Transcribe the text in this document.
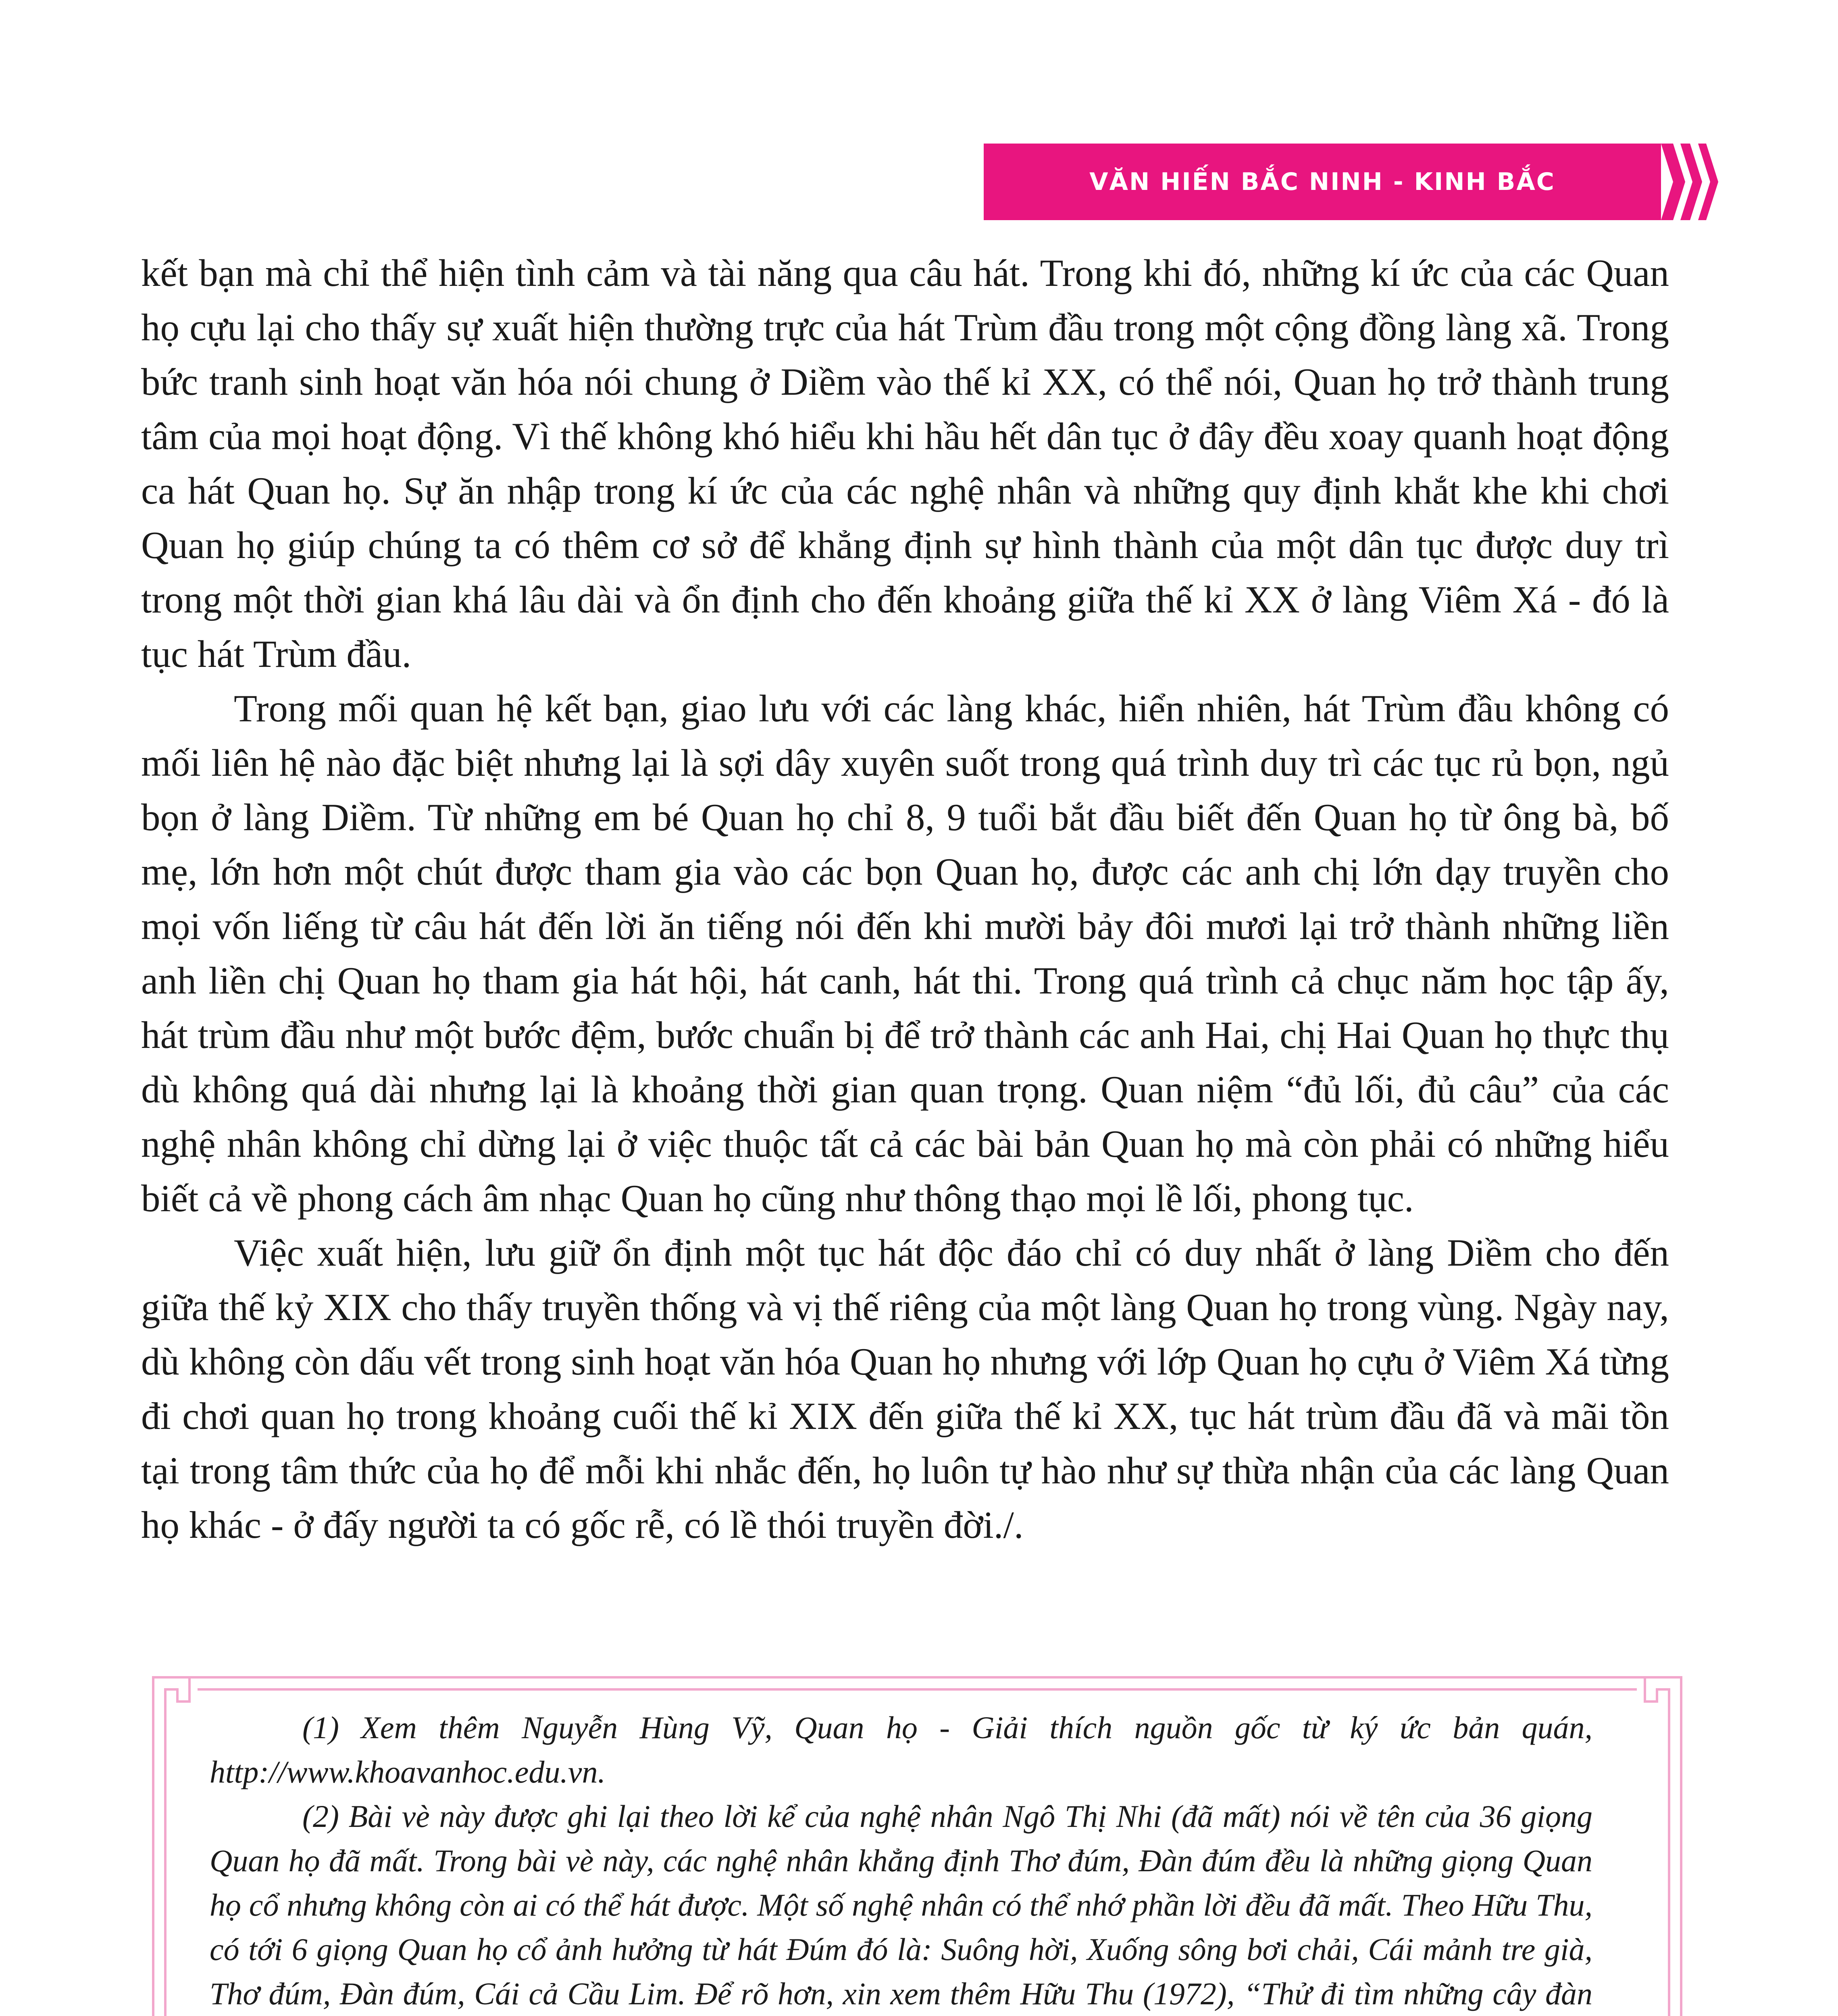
VĂN HIẾN BẮC NINH - KINH BẮC

kết bạn mà chỉ thể hiện tình cảm và tài năng qua câu hát. Trong khi đó, những kí ức của các Quan họ cựu lại cho thấy sự xuất hiện thường trực của hát Trùm đầu trong một cộng đồng làng xã. Trong bức tranh sinh hoạt văn hóa nói chung ở Diềm vào thế kỉ XX, có thể nói, Quan họ trở thành trung tâm của mọi hoạt động. Vì thế không khó hiểu khi hầu hết dân tục ở đây đều xoay quanh hoạt động ca hát Quan họ. Sự ăn nhập trong kí ức của các nghệ nhân và những quy định khắt khe khi chơi Quan họ giúp chúng ta có thêm cơ sở để khẳng định sự hình thành của một dân tục được duy trì trong một thời gian khá lâu dài và ổn định cho đến khoảng giữa thế kỉ XX ở làng Viêm Xá - đó là tục hát Trùm đầu.

Trong mối quan hệ kết bạn, giao lưu với các làng khác, hiển nhiên, hát Trùm đầu không có mối liên hệ nào đặc biệt nhưng lại là sợi dây xuyên suốt trong quá trình duy trì các tục rủ bọn, ngủ bọn ở làng Diềm. Từ những em bé Quan họ chỉ 8, 9 tuổi bắt đầu biết đến Quan họ từ ông bà, bố mẹ, lớn hơn một chút được tham gia vào các bọn Quan họ, được các anh chị lớn dạy truyền cho mọi vốn liếng từ câu hát đến lời ăn tiếng nói đến khi mười bảy đôi mươi lại trở thành những liền anh liền chị Quan họ tham gia hát hội, hát canh, hát thi. Trong quá trình cả chục năm học tập ấy, hát trùm đầu như một bước đệm, bước chuẩn bị để trở thành các anh Hai, chị Hai Quan họ thực thụ dù không quá dài nhưng lại là khoảng thời gian quan trọng. Quan niệm “đủ lối, đủ câu” của các nghệ nhân không chỉ dừng lại ở việc thuộc tất cả các bài bản Quan họ mà còn phải có những hiểu biết cả về phong cách âm nhạc Quan họ cũng như thông thạo mọi lề lối, phong tục.

Việc xuất hiện, lưu giữ ổn định một tục hát độc đáo chỉ có duy nhất ở làng Diềm cho đến giữa thế kỷ XIX cho thấy truyền thống và vị thế riêng của một làng Quan họ trong vùng. Ngày nay, dù không còn dấu vết trong sinh hoạt văn hóa Quan họ nhưng với lớp Quan họ cựu ở Viêm Xá từng đi chơi quan họ trong khoảng cuối thế kỉ XIX đến giữa thế kỉ XX, tục hát trùm đầu đã và mãi tồn tại trong tâm thức của họ để mỗi khi nhắc đến, họ luôn tự hào như sự thừa nhận của các làng Quan họ khác - ở đấy người ta có gốc rễ, có lề thói truyền đời./.

(1) Xem thêm Nguyễn Hùng Vỹ, Quan họ - Giải thích nguồn gốc từ ký ức bản quán, http://www.khoavanhoc.edu.vn.

(2) Bài vè này được ghi lại theo lời kể của nghệ nhân Ngô Thị Nhi (đã mất) nói về tên của 36 giọng Quan họ đã mất. Trong bài vè này, các nghệ nhân khẳng định Thơ đúm, Đàn đúm đều là những giọng Quan họ cổ nhưng không còn ai có thể hát được. Một số nghệ nhân có thể nhớ phần lời đều đã mất. Theo Hữu Thu, có tới 6 giọng Quan họ cổ ảnh hưởng từ hát Đúm đó là: Suông hời, Xuống sông bơi chải, Cái mảnh tre già, Thơ đúm, Đàn đúm, Cái cả Cầu Lim. Để rõ hơn, xin xem thêm Hữu Thu (1972), “Thử đi tìm những cây đàn
